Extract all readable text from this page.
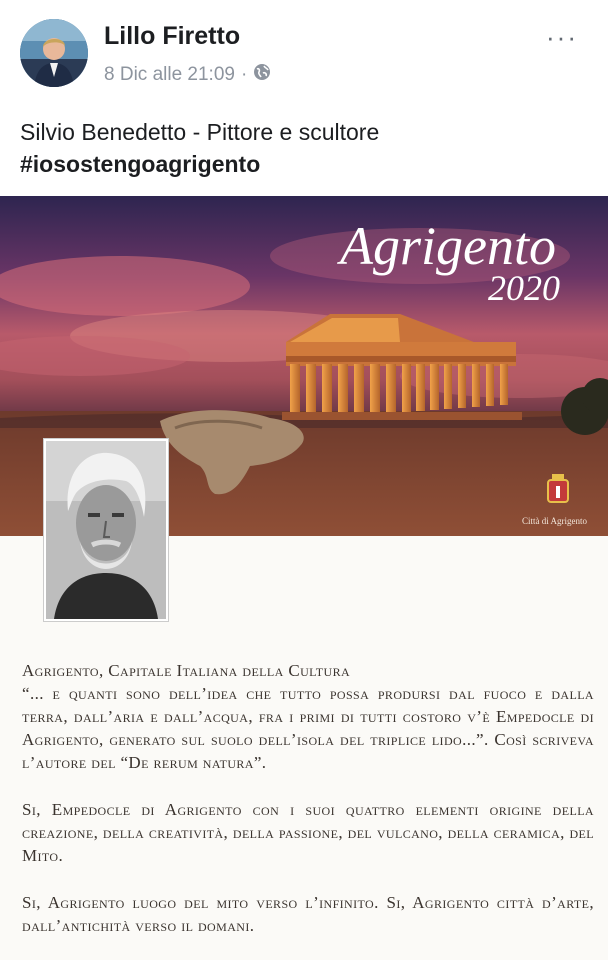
Lillo Firetto
8 Dic alle 21:09 ·
···
Silvio Benedetto - Pittore e scultore
#iosostengoagrigento
Agrigento
2020
Città di Agrigento

Agrigento, Capitale Italiana della Cultura

“... e quanti sono dell’idea che tutto possa prodursi dal fuoco e dalla terra, dall’aria e dall’acqua, fra i primi di tutti costoro v’è Empedocle di Agrigento, generato sul suolo dell’isola del triplice lido...”. Così scriveva l’autore del “De rerum natura”.

Si, Empedocle di Agrigento con i suoi quattro elementi origine della creazione, della creatività, della passione, del vulcano, della ceramica, del Mito.

Si, Agrigento luogo del mito verso l’infinito. Si, Agrigento città d’arte, dall’antichità verso il domani.
